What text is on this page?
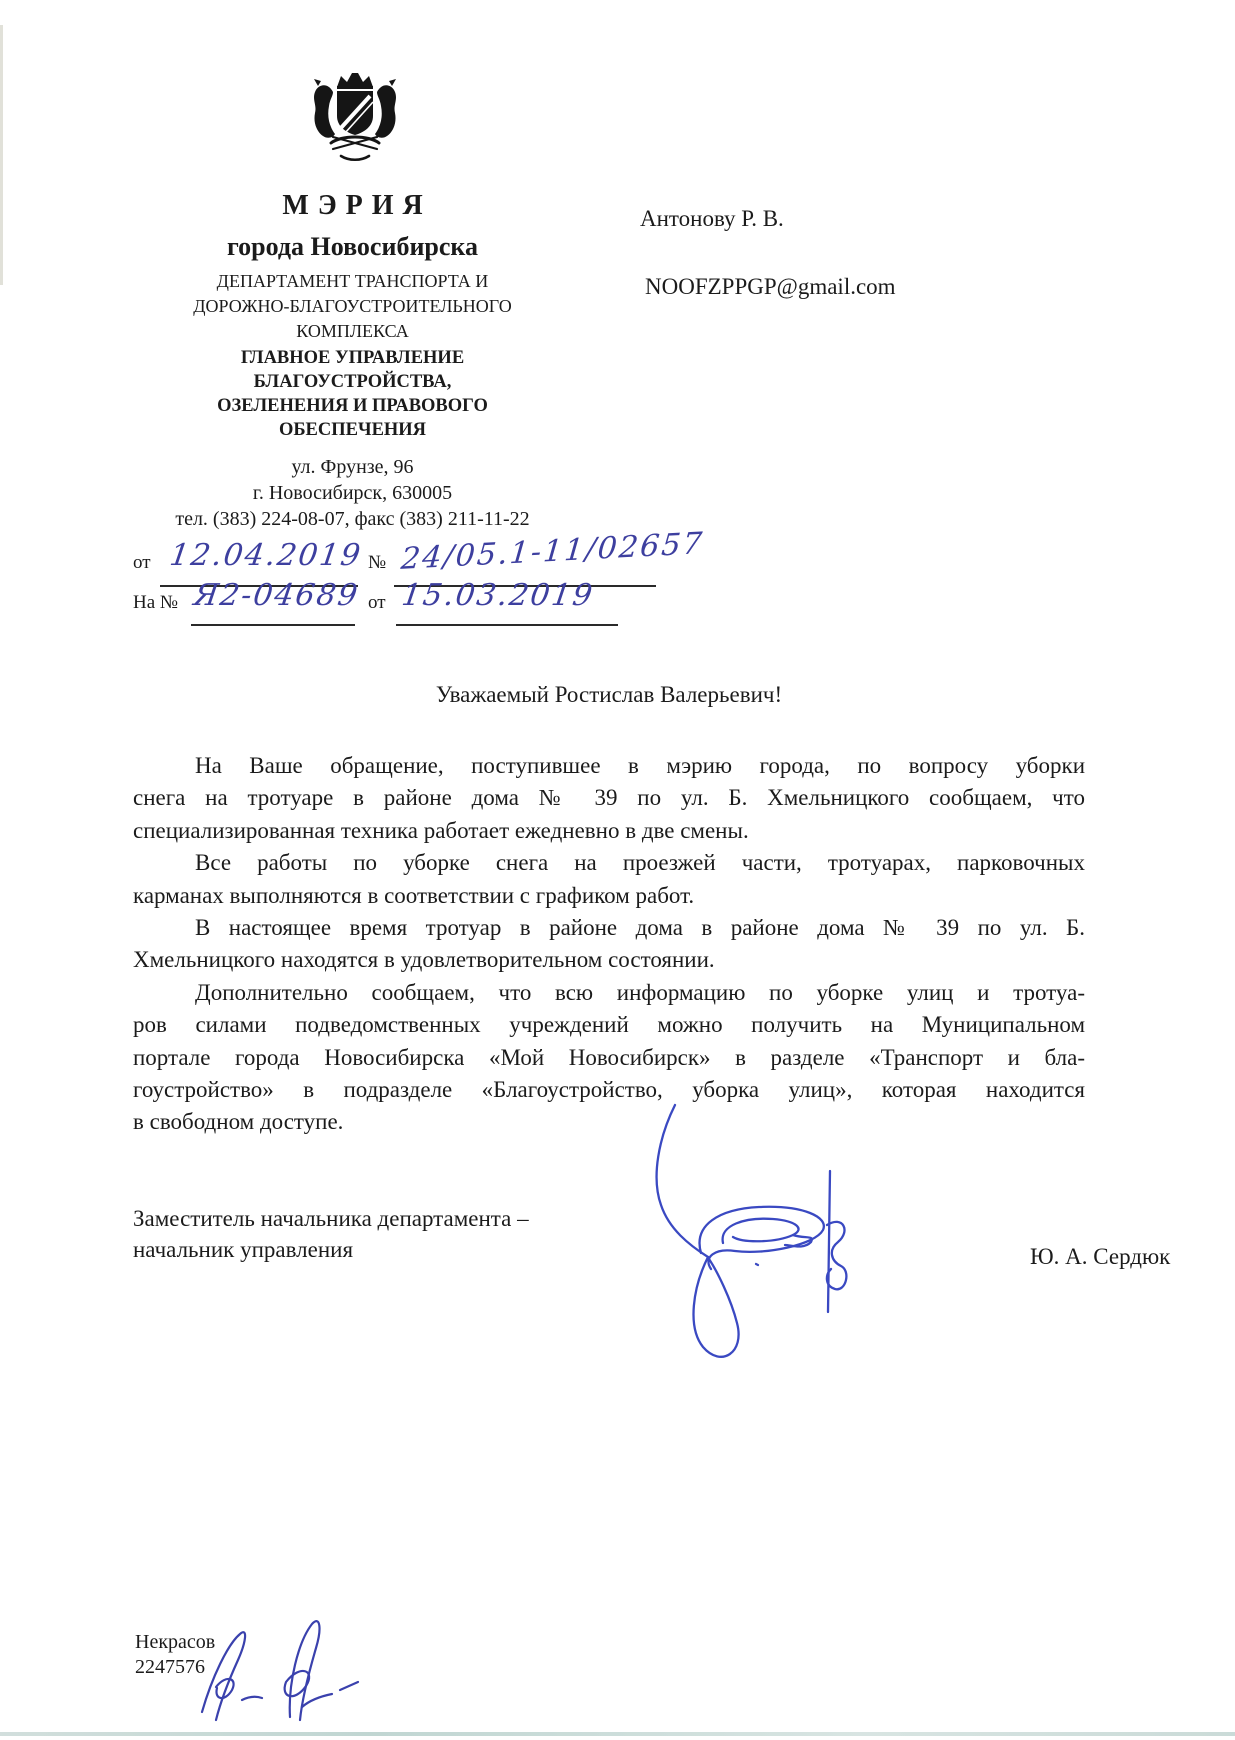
МЭРИЯ
города Новосибирска
ДЕПАРТАМЕНТ ТРАНСПОРТА И
ДОРОЖНО-БЛАГОУСТРОИТЕЛЬНОГО
КОМПЛЕКСА
ГЛАВНОЕ УПРАВЛЕНИЕ
БЛАГОУСТРОЙСТВА,
ОЗЕЛЕНЕНИЯ И ПРАВОВОГО
ОБЕСПЕЧЕНИЯ
ул. Фрунзе, 96
г. Новосибирск, 630005
тел. (383) 224-08-07, факс (383) 211-11-22
от 12.04.2019 № 24/05.1-11/02657
На № Я2-04689 от 15.03.2019
Антонову Р. В.
NOOFZPPGP@gmail.com
Уважаемый Ростислав Валерьевич!
На Ваше обращение, поступившее в мэрию города, по вопросу уборки
снега на тротуаре в районе дома № 39 по ул. Б. Хмельницкого сообщаем, что
специализированная техника работает ежедневно в две смены.
Все работы по уборке снега на проезжей части, тротуарах, парковочных
карманах выполняются в соответствии с графиком работ.
В настоящее время тротуар в районе дома в районе дома № 39 по ул. Б.
Хмельницкого находятся в удовлетворительном состоянии.
Дополнительно сообщаем, что всю информацию по уборке улиц и тротуа-
ров силами подведомственных учреждений можно получить на Муниципальном
портале города Новосибирска «Мой Новосибирск» в разделе «Транспорт и бла-
гоустройство» в подразделе «Благоустройство, уборка улиц», которая находится
в свободном доступе.
Заместитель начальника департамента –
начальник управления	Ю. А. Сердюк
Некрасов
2247576
